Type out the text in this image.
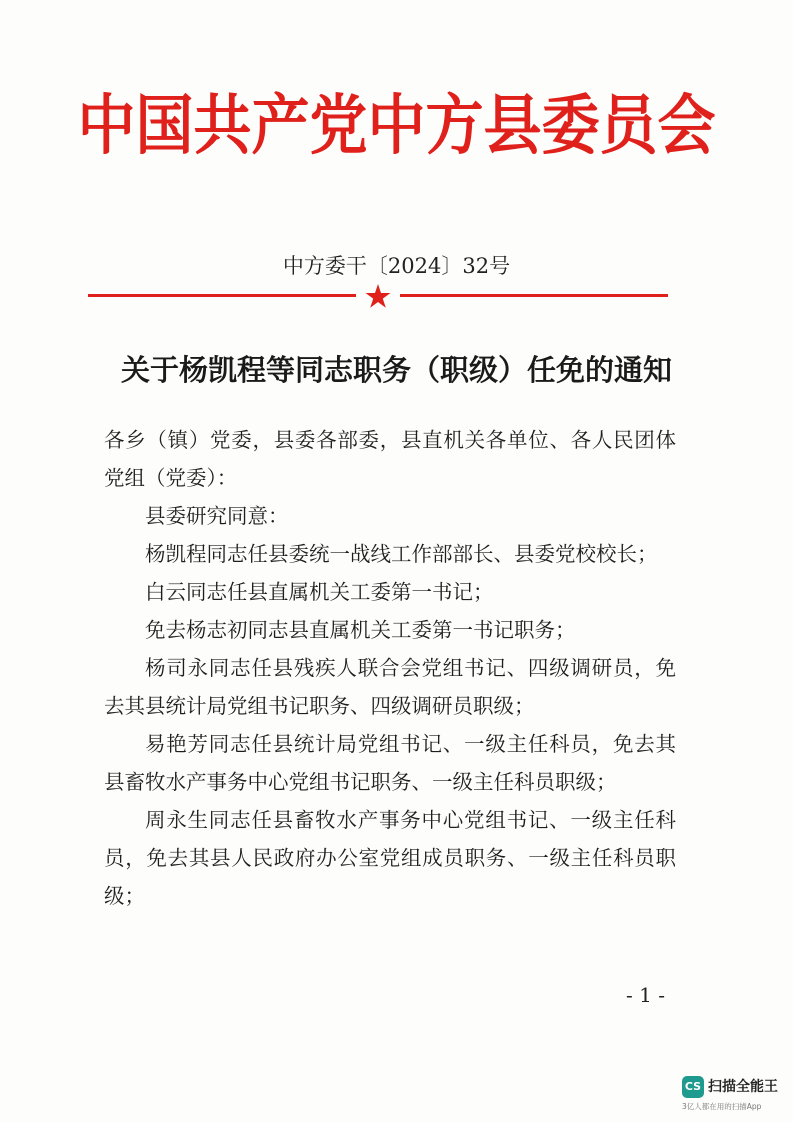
中国共产党中方县委员会
中方委干〔2024〕32号
关于杨凯程等同志职务（职级）任免的通知

各乡（镇）党委，县委各部委，县直机关各单位、各人民团体党组（党委）：

县委研究同意：

杨凯程同志任县委统一战线工作部部长、县委党校校长；

白云同志任县直属机关工委第一书记；

免去杨志初同志县直属机关工委第一书记职务；

杨司永同志任县残疾人联合会党组书记、四级调研员，免去其县统计局党组书记职务、四级调研员职级；

易艳芳同志任县统计局党组书记、一级主任科员，免去其县畜牧水产事务中心党组书记职务、一级主任科员职级；

周永生同志任县畜牧水产事务中心党组书记、一级主任科员，免去其县人民政府办公室党组成员职务、一级主任科员职级；

- 1 -
CS 扫描全能王
3亿人都在用的扫描App
